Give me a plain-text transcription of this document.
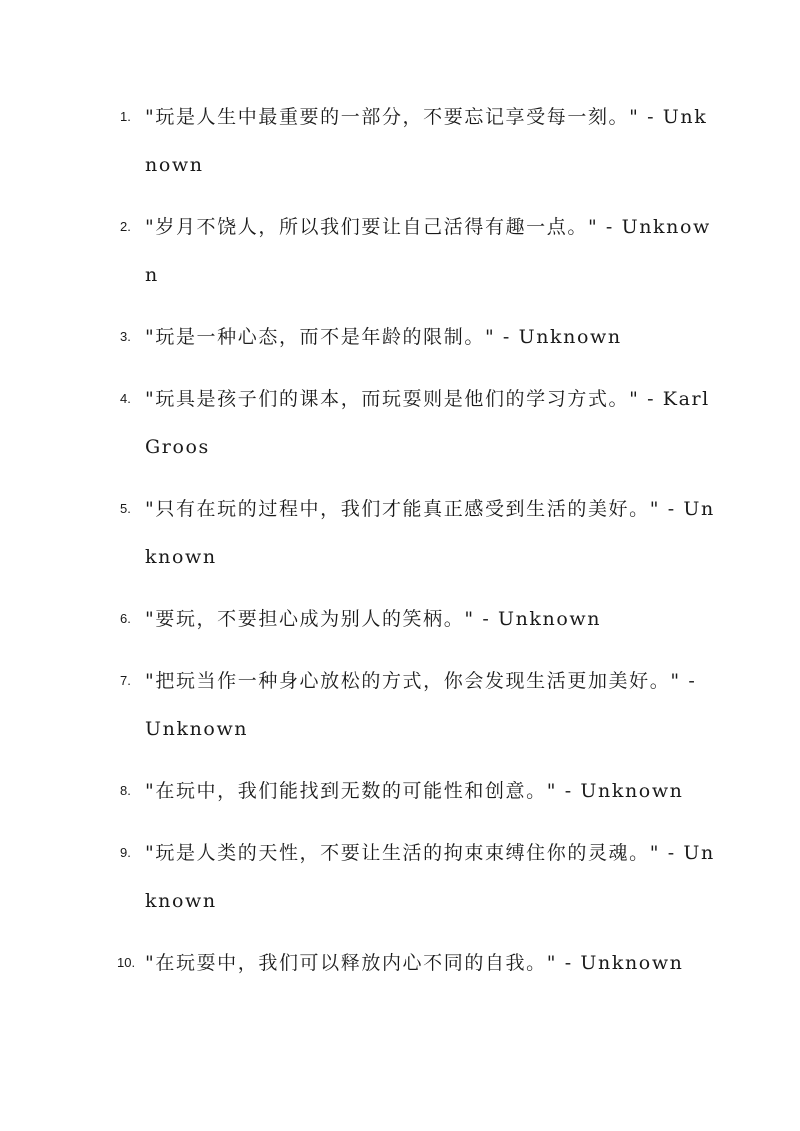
1. "玩是人生中最重要的一部分，不要忘记享受每一刻。" - Unknown
2. "岁月不饶人，所以我们要让自己活得有趣一点。" - Unknown
3. "玩是一种心态，而不是年龄的限制。" - Unknown
4. "玩具是孩子们的课本，而玩耍则是他们的学习方式。" - Karl Groos
5. "只有在玩的过程中，我们才能真正感受到生活的美好。" - Unknown
6. "要玩，不要担心成为别人的笑柄。" - Unknown
7. "把玩当作一种身心放松的方式，你会发现生活更加美好。" - Unknown
8. "在玩中，我们能找到无数的可能性和创意。" - Unknown
9. "玩是人类的天性，不要让生活的拘束束缚住你的灵魂。" - Unknown
10. "在玩耍中，我们可以释放内心不同的自我。" - Unknown
